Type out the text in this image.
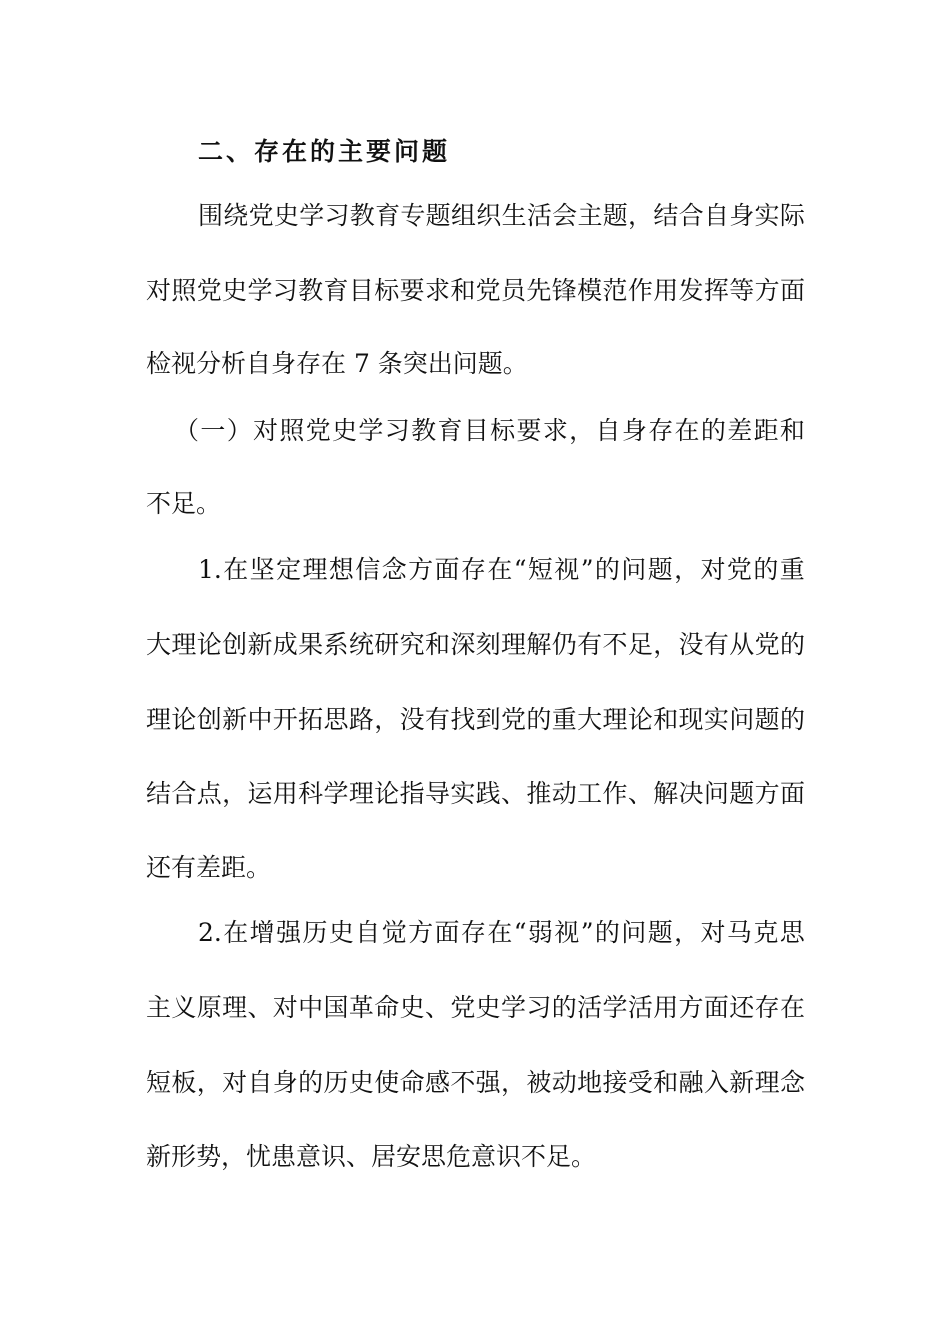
二、存在的主要问题
围 绕 党 史 学 习 教 育 专 题 组 织 生 活 会 主 题 ， 结 合 自 身 实 际
对 照 党 史 学 习 教 育 目 标 要 求 和 党 员 先 锋 模 范 作 用 发 挥 等 方 面
检视分析自身存在 7 条突出问题。
（ 一 ） 对 照 党 史 学 习 教 育 目 标 要 求 ， 自 身 存 在 的 差 距 和
不足。
1. 在 坚 定 理 想 信 念 方 面 存 在 “ 短 视 ” 的 问 题 ， 对 党 的 重
大 理 论 创 新 成 果 系 统 研 究 和 深 刻 理 解 仍 有 不 足 ， 没 有 从 党 的
理 论 创 新 中 开 拓 思 路 ， 没 有 找 到 党 的 重 大 理 论 和 现 实 问 题 的
结 合 点 ， 运 用 科 学 理 论 指 导 实 践 、 推 动 工 作 、 解 决 问 题 方 面
还有差距。
2. 在 增 强 历 史 自 觉 方 面 存 在 “ 弱 视 ” 的 问 题 ， 对 马 克 思
主 义 原 理 、 对 中 国 革 命 史 、 党 史 学 习 的 活 学 活 用 方 面 还 存 在
短 板 ， 对 自 身 的 历 史 使 命 感 不 强 ， 被 动 地 接 受 和 融 入 新 理 念
新形势，忧患意识、居安思危意识不足。
